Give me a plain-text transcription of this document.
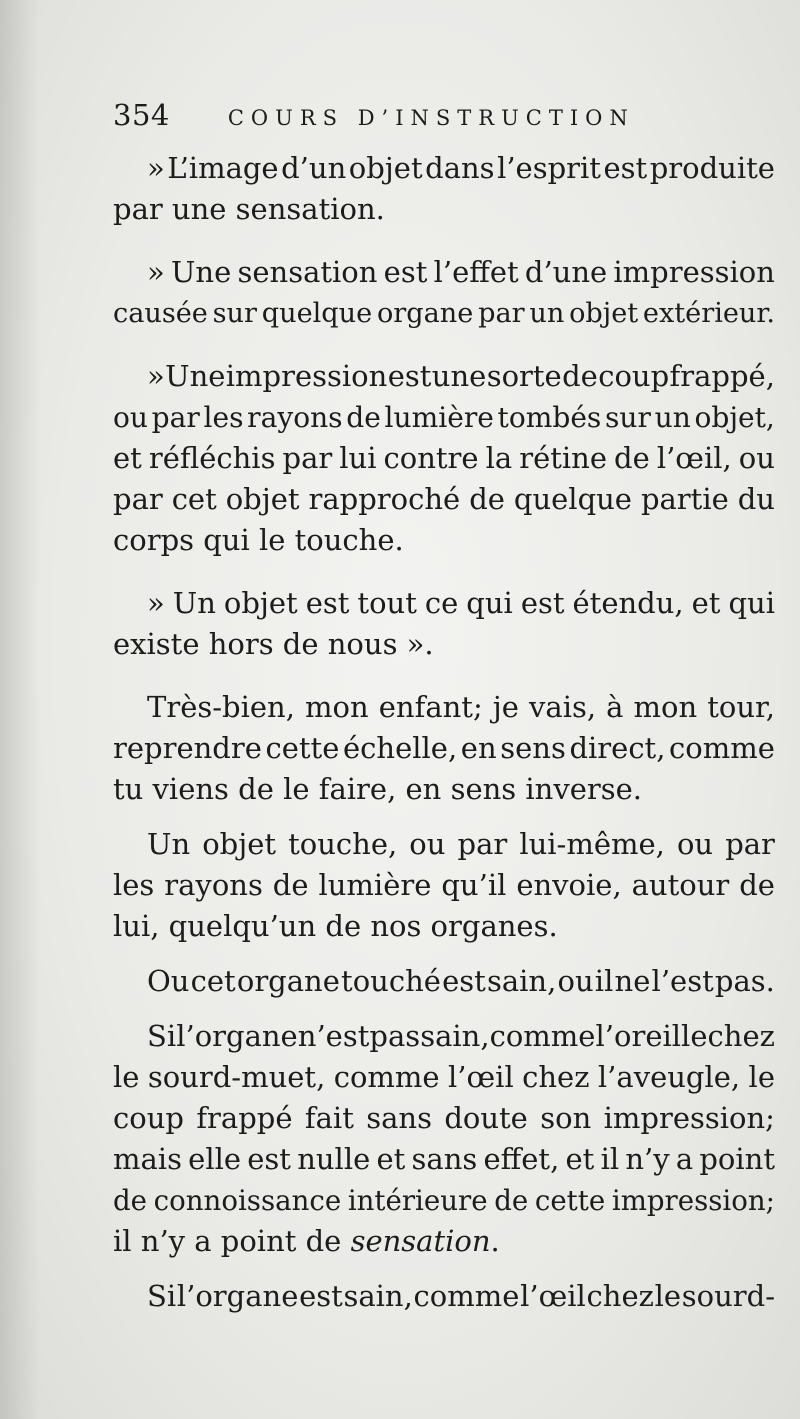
354	COURS D’INSTRUCTION
» L’image d’un objet dans l’esprit est produite
par une sensation.
» Une sensation est l’effet d’une impression
causée sur quelque organe par un objet extérieur.
» Une impression est une sorte de coup frappé,
ou par les rayons de lumière tombés sur un objet,
et réfléchis par lui contre la rétine de l’œil, ou
par cet objet rapproché de quelque partie du
corps qui le touche.
» Un objet est tout ce qui est étendu, et qui
existe hors de nous ».
Très-bien, mon enfant; je vais, à mon tour,
reprendre cette échelle, en sens direct, comme
tu viens de le faire, en sens inverse.
Un objet touche, ou par lui-même, ou par
les rayons de lumière qu’il envoie, autour de
lui, quelqu’un de nos organes.
Ou cet organe touché est sain, ou il ne l’est pas.
Si l’organe n’est pas sain, comme l’oreille chez
le sourd-muet, comme l’œil chez l’aveugle, le
coup frappé fait sans doute son impression;
mais elle est nulle et sans effet, et il n’y a point
de connoissance intérieure de cette impression;
il n’y a point de sensation .
Si l’organe est sain, comme l’œil chez le sourd-
